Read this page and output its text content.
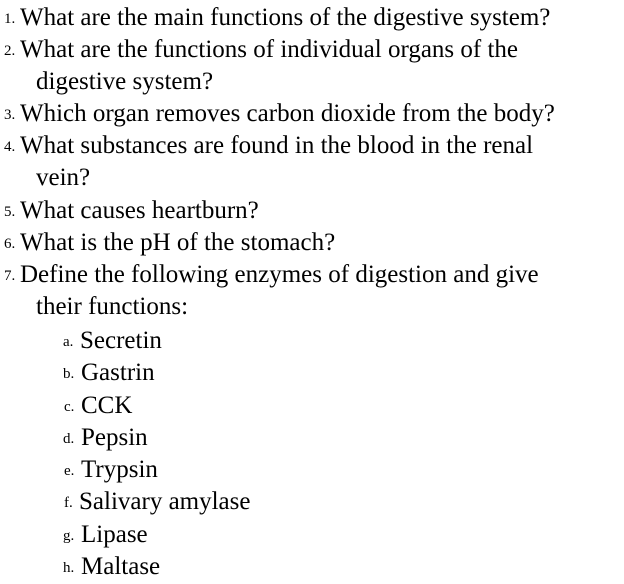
1. What are the main functions of the digestive system?
2. What are the functions of individual organs of the
digestive system?
3. Which organ removes carbon dioxide from the body?
4. What substances are found in the blood in the renal
vein?
5. What causes heartburn?
6. What is the pH of the stomach?
7. Define the following enzymes of digestion and give
their functions:
a. Secretin
b. Gastrin
c. CCK
d. Pepsin
e. Trypsin
f. Salivary amylase
g. Lipase
h. Maltase
